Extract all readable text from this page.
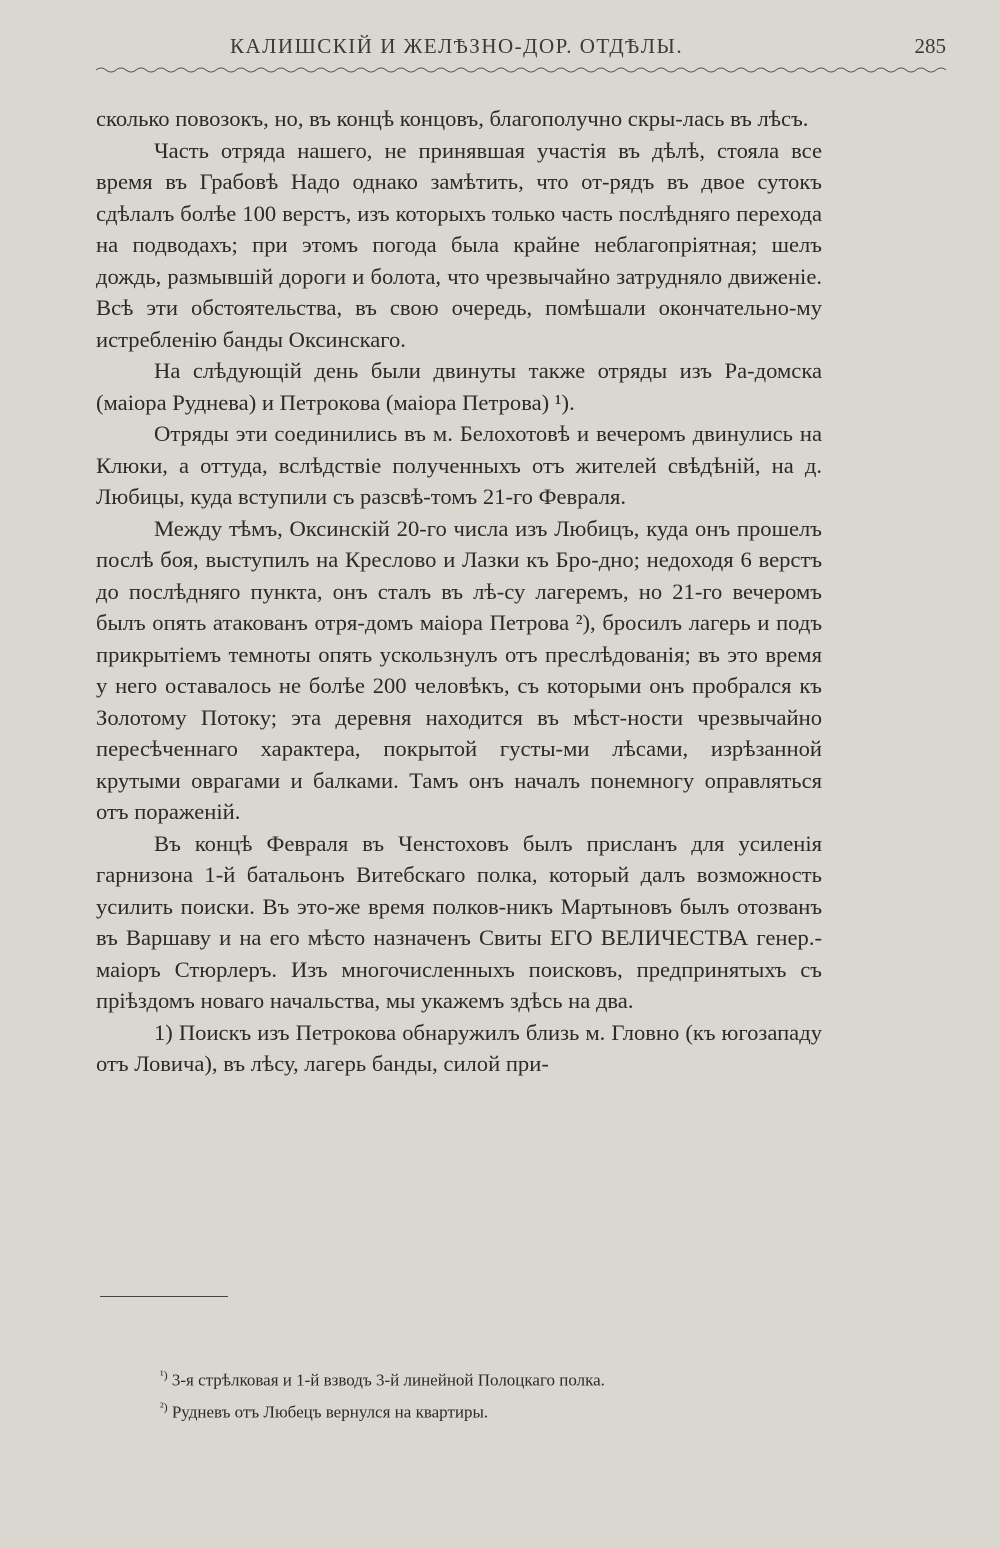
КАЛИШСКІЙ И ЖЕЛѢЗНО-ДОР. ОТДѢЛЫ.	285

сколько повозокъ, но, въ концѣ концовъ, благополучно скры-лась въ лѣсъ.

Часть отряда нашего, не принявшая участія въ дѣлѣ, стояла все время въ Грабовѣ Надо однако замѣтить, что от-рядъ въ двое сутокъ сдѣлалъ болѣе 100 верстъ, изъ которыхъ только часть послѣдняго перехода на подводахъ; при этомъ погода была крайне неблагопріятная; шелъ дождь, размывшій дороги и болота, что чрезвычайно затрудняло движеніе. Всѣ эти обстоятельства, въ свою очередь, помѣшали окончательно-му истребленію банды Оксинскаго.

На слѣдующій день были двинуты также отряды изъ Ра-домска (маіора Руднева) и Петрокова (маіора Петрова) ¹).

Отряды эти соединились въ м. Белохотовѣ и вечеромъ двинулись на Клюки, а оттуда, вслѣдствіе полученныхъ отъ жителей свѣдѣній, на д. Любицы, куда вступили съ разсвѣ-томъ 21-го Февраля.

Между тѣмъ, Оксинскій 20-го числа изъ Любицъ, куда онъ прошелъ послѣ боя, выступилъ на Креслово и Лазки къ Бро-дно; недоходя 6 верстъ до послѣдняго пункта, онъ сталъ въ лѣ-су лагеремъ, но 21-го вечеромъ былъ опять атакованъ отря-домъ маіора Петрова ²), бросилъ лагерь и подъ прикрытіемъ темноты опять ускользнулъ отъ преслѣдованія; въ это время у него оставалось не болѣе 200 человѣкъ, съ которыми онъ пробрался къ Золотому Потоку; эта деревня находится въ мѣст-ности чрезвычайно пересѣченнаго характера, покрытой густы-ми лѣсами, изрѣзанной крутыми оврагами и балками. Тамъ онъ началъ понемногу оправляться отъ пораженій.

Въ концѣ Февраля въ Ченстоховъ былъ присланъ для усиленія гарнизона 1-й батальонъ Витебскаго полка, который далъ возможность усилить поиски. Въ это-же время полков-никъ Мартыновъ былъ отозванъ въ Варшаву и на его мѣсто назначенъ Свиты ЕГО ВЕЛИЧЕСТВА генер.-маіоръ Стюрлеръ. Изъ многочисленныхъ поисковъ, предпринятыхъ съ пріѣздомъ новаго начальства, мы укажемъ здѣсь на два.

1) Поискъ изъ Петрокова обнаружилъ близь м. Гловно (къ югозападу отъ Ловича), въ лѣсу, лагерь банды, силой при-

$^{^1)}$ 3-я стрѣлковая и 1-й взводъ 3-й линейной Полоцкаго полка.
$^{^2)}$ Рудневъ отъ Любецъ вернулся на квартиры.
